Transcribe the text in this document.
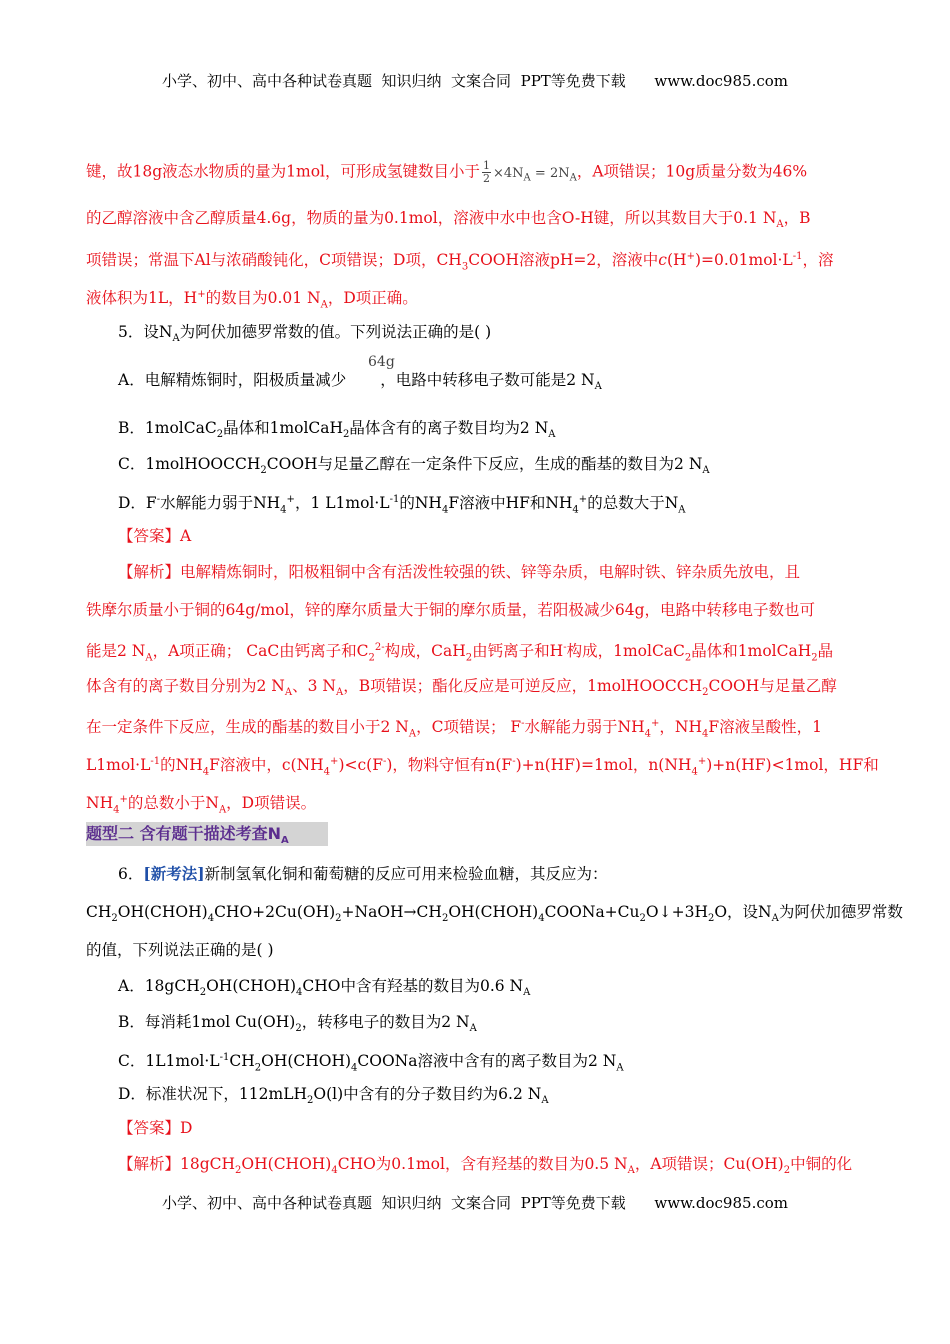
小学、初中、高中各种试卷真题  知识归纳  文案合同  PPT等免费下载      www.doc985.com
键，故18g液态水物质的量为1mol，可形成氢键数目小于 $\frac{1}{2} \times 4N_A = 2N_A$，A项错误；10g质量分数为46%
的乙醇溶液中含乙醇质量4.6g，物质的量为0.1mol，溶液中水中也含O-H键，所以其数目大于0.1 $N_A$，B
项错误；常温下Al与浓硝酸钝化，C项错误；D项，$CH_3COOH$溶液pH=2，溶液中$c(H^+)=0.01mol\cdot L^{-1}$，溶
液体积为1L，H+的数目为0.01 $N_A$，D项正确。
5．设$N_A$为阿伏加德罗常数的值。下列说法正确的是( )
64g
A．电解精炼铜时，阳极质量减少 ，电路中转移电子数可能是2 $N_A$
B．1molCaC$_2$晶体和1molCaH$_2$晶体含有的离子数目均为2 $N_A$
C．1molHOOCCH$_2$COOH与足量乙醇在一定条件下反应，生成的酯基的数目为2 $N_A$
D．F-水解能力弱于$NH_4^+$，1 $L1mol\cdot L^{-1}$的$NH_4F$溶液中HF和$NH_4^+$的总数大于$N_A$
【答案】A
【解析】电解精炼铜时，阳极粗铜中含有活泼性较强的铁、锌等杂质，电解时铁、锌杂质先放电，且
铁摩尔质量小于铜的64g/mol，锌的摩尔质量大于铜的摩尔质量，若阳极减少64g，电路中转移电子数也可
能是2 $N_A$，A项正确； CaC由钙离子和$C_2^{2-}$构成，CaH$_2$由钙离子和H-构成，1molCaC$_2$晶体和1molCaH$_2$晶
体含有的离子数目分别为2 $N_A$、3 $N_A$，B项错误；酯化反应是可逆反应，1molHOOCCH$_2$COOH与足量乙醇
在一定条件下反应，生成的酯基的数目小于2 $N_A$，C项错误； F-水解能力弱于$NH_4^+$，$NH_4F$溶液呈酸性，1
$L1mol\cdot L^{-1}$的$NH_4F$溶液中，$c(NH_4^+)<c(F^-)$，物料守恒有n(F-)+n(HF)=1mol，$n(NH_4^+)+n(HF)<1mol$，HF和
$NH_4^+$的总数小于$N_A$，D项错误。
题型二 含有题干描述考查$N_A$
6．[新考法]新制氢氧化铜和葡萄糖的反应可用来检验血糖，其反应为：
$CH_2OH(CHOH)_4CHO+2Cu(OH)_2+NaOH\to CH_2OH(CHOH)_4COONa+Cu_2O↓+3H_2O$，设$N_A$为阿伏加德罗常数
的值，下列说法正确的是( )
A．$18gCH_2OH(CHOH)_4CHO$中含有羟基的数目为0.6 $N_A$
B．每消耗1mol $Cu(OH)_2$，转移电子的数目为2 $N_A$
C．$1L1mol\cdot L^{-1}CH_2OH(CHOH)_4COONa$溶液中含有的离子数目为2 $N_A$
D．标准状况下，112mLH$_2$O(l)中含有的分子数目约为6.2 $N_A$
【答案】D
【解析】$18gCH_2OH(CHOH)_4CHO$为0.1mol，含有羟基的数目为0.5 $N_A$，A项错误；$Cu(OH)_2$中铜的化
小学、初中、高中各种试卷真题  知识归纳  文案合同  PPT等免费下载      www.doc985.com
